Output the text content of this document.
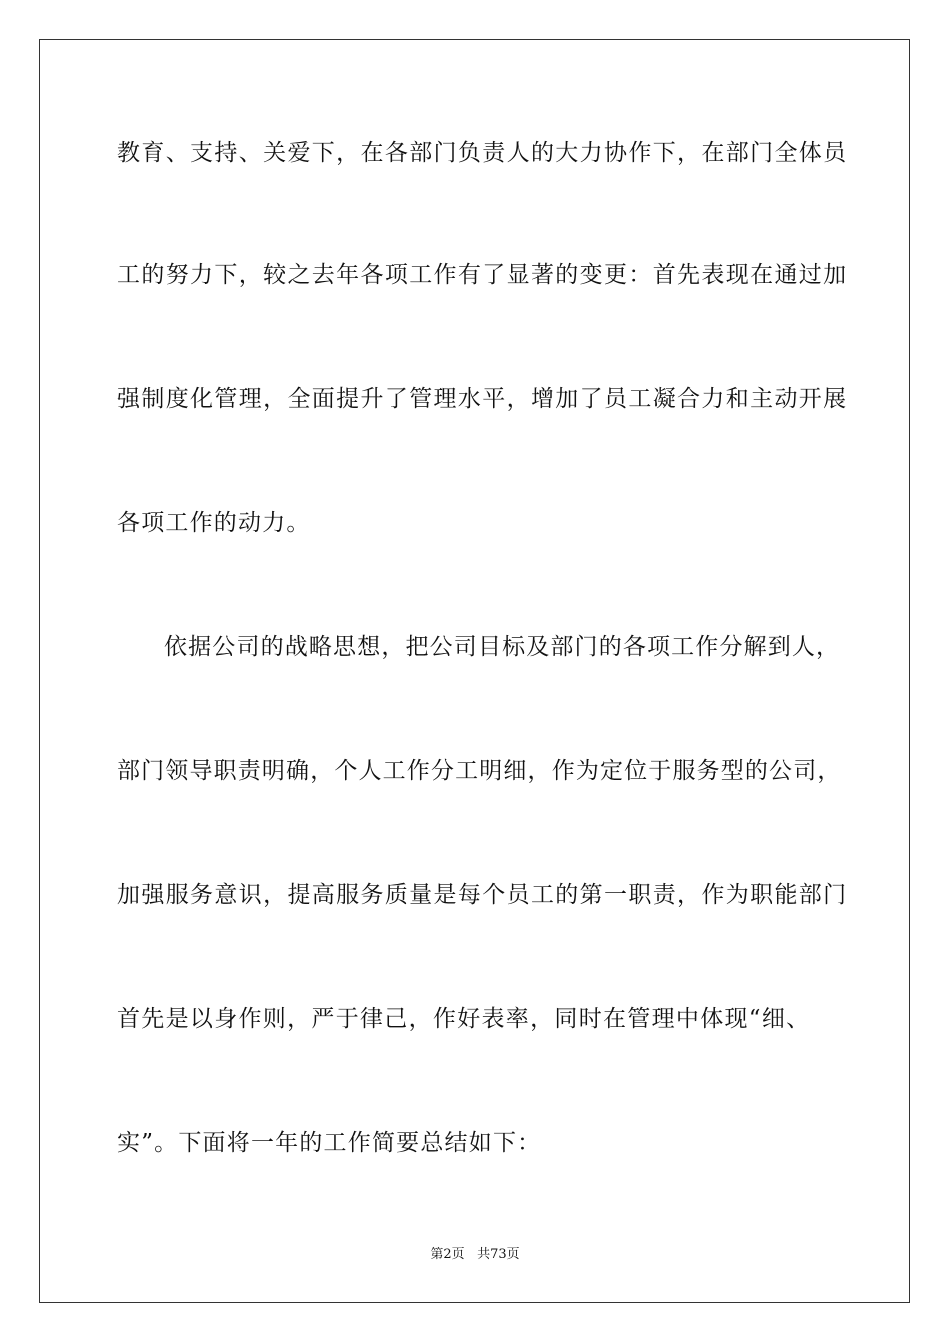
教育、支持、关爱下，在各部门负责人的大力协作下，在部门全体员
工的努力下，较之去年各项工作有了显著的变更：首先表现在通过加
强制度化管理，全面提升了管理水平，增加了员工凝合力和主动开展
各项工作的动力。
依据公司的战略思想，把公司目标及部门的各项工作分解到人，
部门领导职责明确，个人工作分工明细，作为定位于服务型的公司，
加强服务意识，提高服务质量是每个员工的第一职责，作为职能部门
首先是以身作则，严于律己，作好表率，同时在管理中体现“细、
实”。下面将一年的工作简要总结如下：
第2页 共73页
